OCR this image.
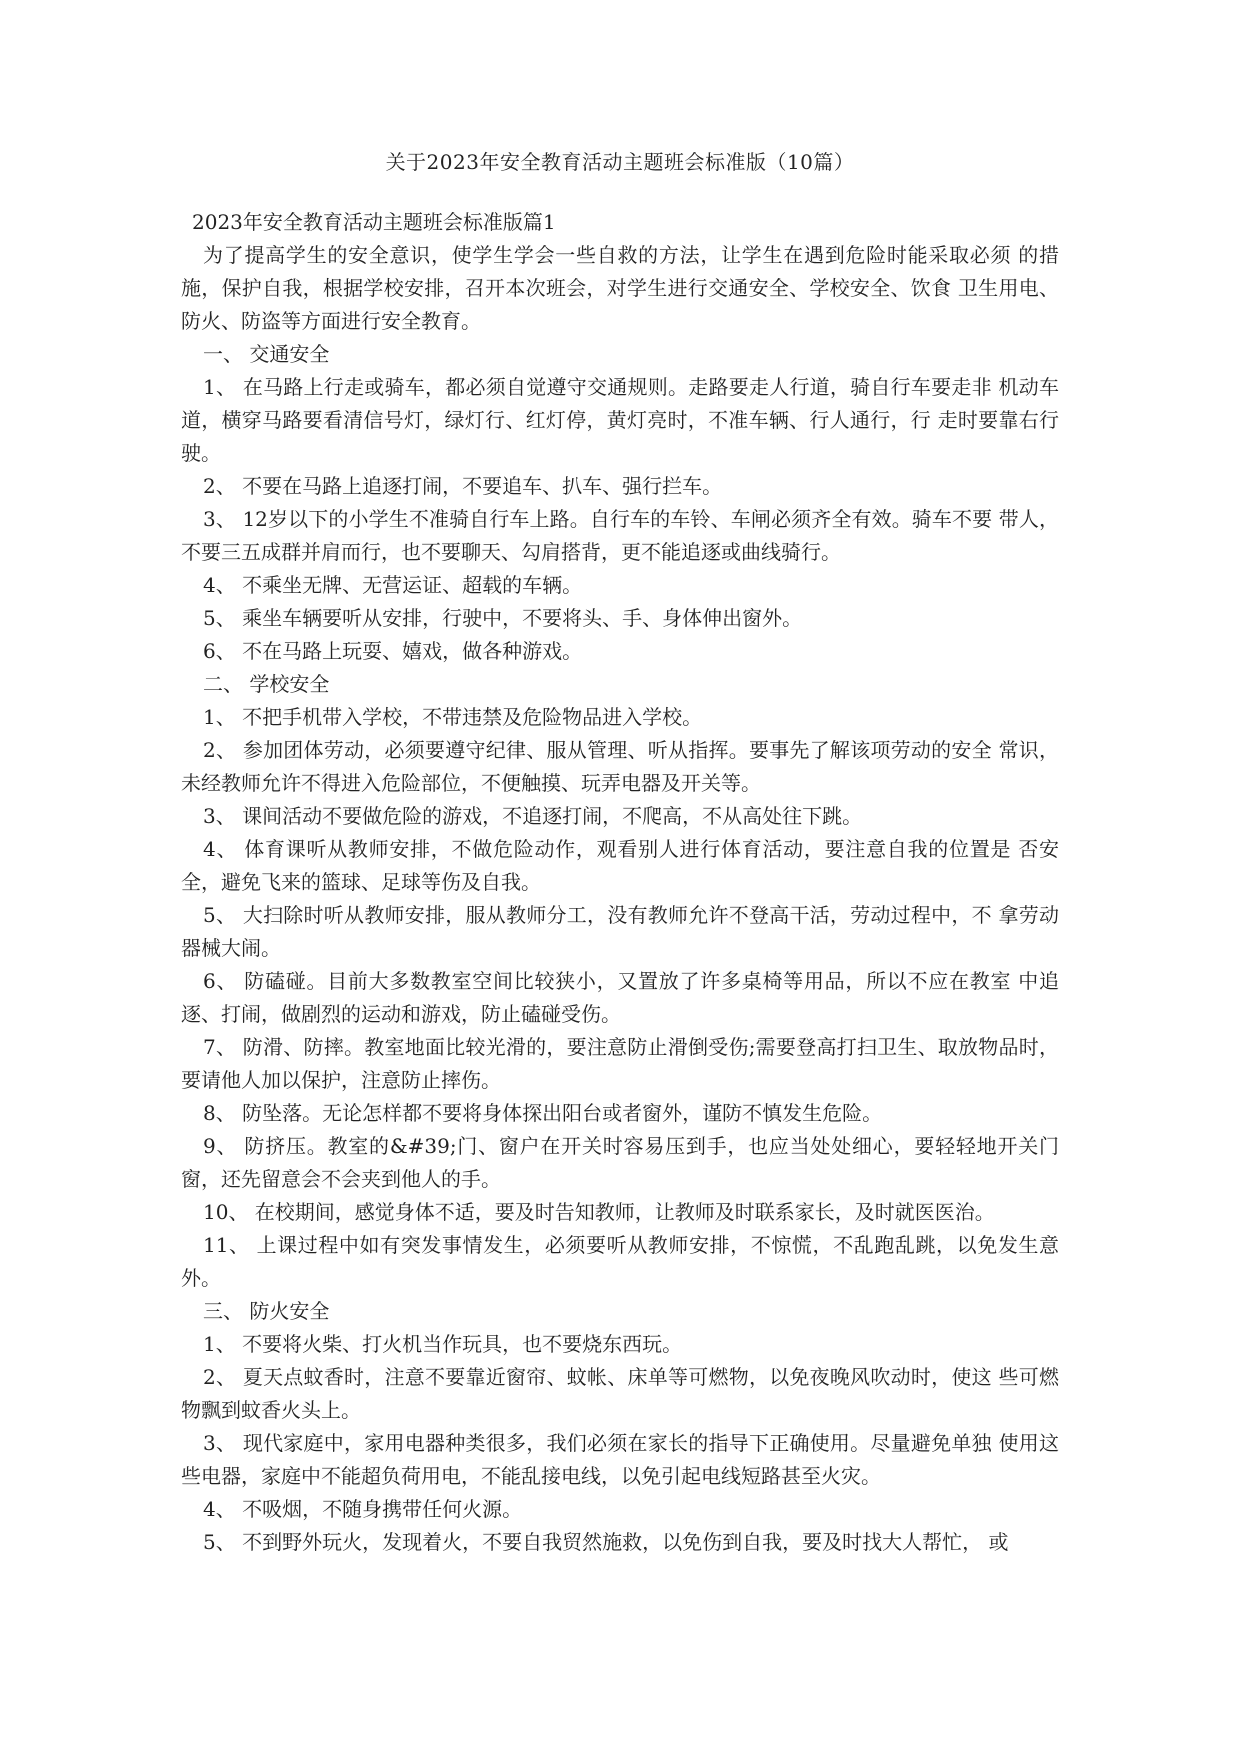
关于2023年安全教育活动主题班会标准版（10篇）

2023年安全教育活动主题班会标准版篇1

为了提高学生的安全意识，使学生学会一些自救的方法，让学生在遇到危险时能采取必须 的措施，保护自我，根据学校安排，召开本次班会，对学生进行交通安全、学校安全、饮食 卫生用电、防火、防盗等方面进行安全教育。

一、 交通安全

1、 在马路上行走或骑车，都必须自觉遵守交通规则。走路要走人行道，骑自行车要走非 机动车道，横穿马路要看清信号灯，绿灯行、红灯停，黄灯亮时，不准车辆、行人通行，行 走时要靠右行驶。

2、 不要在马路上追逐打闹，不要追车、扒车、强行拦车。

3、 12岁以下的小学生不准骑自行车上路。自行车的车铃、车闸必须齐全有效。骑车不要 带人，不要三五成群并肩而行，也不要聊天、勾肩搭背，更不能追逐或曲线骑行。

4、 不乘坐无牌、无营运证、超载的车辆。

5、 乘坐车辆要听从安排，行驶中，不要将头、手、身体伸出窗外。

6、 不在马路上玩耍、嬉戏，做各种游戏。

二、 学校安全

1、 不把手机带入学校，不带违禁及危险物品进入学校。

2、 参加团体劳动，必须要遵守纪律、服从管理、听从指挥。要事先了解该项劳动的安全 常识，未经教师允许不得进入危险部位，不便触摸、玩弄电器及开关等。

3、 课间活动不要做危险的游戏，不追逐打闹，不爬高，不从高处往下跳。

4、 体育课听从教师安排，不做危险动作，观看别人进行体育活动，要注意自我的位置是 否安全，避免飞来的篮球、足球等伤及自我。

5、 大扫除时听从教师安排，服从教师分工，没有教师允许不登高干活，劳动过程中，不 拿劳动器械大闹。

6、 防磕碰。目前大多数教室空间比较狭小，又置放了许多桌椅等用品，所以不应在教室 中追逐、打闹，做剧烈的运动和游戏，防止磕碰受伤。

7、 防滑、防摔。教室地面比较光滑的，要注意防止滑倒受伤;需要登高打扫卫生、取放物品时，要请他人加以保护，注意防止摔伤。

8、 防坠落。无论怎样都不要将身体探出阳台或者窗外，谨防不慎发生危险。

9、 防挤压。教室的&#39;门、窗户在开关时容易压到手，也应当处处细心，要轻轻地开关门窗，还先留意会不会夹到他人的手。

10、 在校期间，感觉身体不适，要及时告知教师，让教师及时联系家长，及时就医医治。

11、 上课过程中如有突发事情发生，必须要听从教师安排，不惊慌，不乱跑乱跳，以免发生意外。

三、 防火安全

1、 不要将火柴、打火机当作玩具，也不要烧东西玩。

2、 夏天点蚊香时，注意不要靠近窗帘、蚊帐、床单等可燃物，以免夜晚风吹动时，使这 些可燃物飘到蚊香火头上。

3、 现代家庭中，家用电器种类很多，我们必须在家长的指导下正确使用。尽量避免单独 使用这些电器，家庭中不能超负荷用电，不能乱接电线，以免引起电线短路甚至火灾。

4、 不吸烟，不随身携带任何火源。

5、 不到野外玩火，发现着火，不要自我贸然施救，以免伤到自我，要及时找大人帮忙， 或
